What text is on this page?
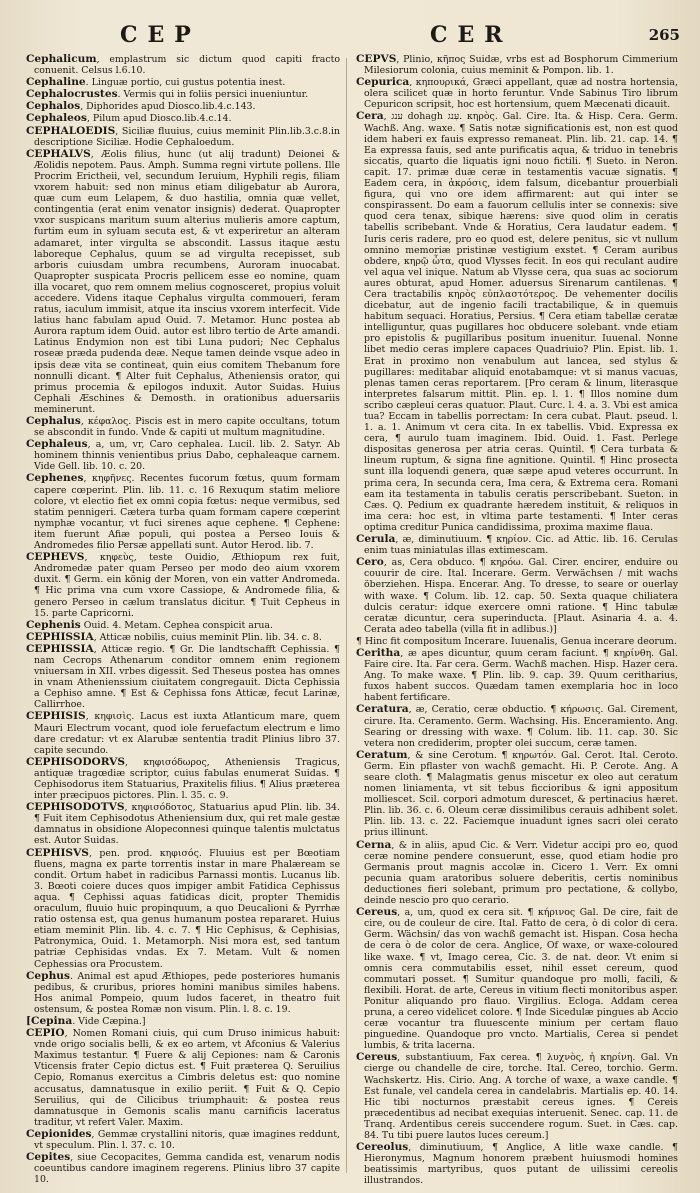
CEP	CER	265

Cephalicum, emplastrum sic dictum quod capiti fracto conuenit. Celsus l.6.10.

Cephaline. Linguæ portio, cui gustus potentia inest.

Cephalocrustes. Vermis qui in foliis persici inueniuntur.

Cephalos, Diphorides apud Diosco.lib.4.c.143.

Cephaleos, Pilum apud Diosco.lib.4.c.14.

CEPHALOEDIS, Siciliæ fluuius, cuius meminit Plin.lib.3.c.8.in descriptione Siciliæ. Hodie Cephaloedum.

CEPHALVS, Æolis filius, hunc (ut alij tradunt) Deionei & Æolidis nepotem. Paus. Amph. Summa regni virtute pollens. Ille Procrim Erictheii, vel, secundum Ieruium, Hyphili regis, filiam vxorem habuit: sed non minus etiam diligebatur ab Aurora, quæ cum eum Lelapem, & duo hastilia, omnia quæ vellet, contingentia (erat enim venator insignis) dederat. Quapropter vxor suspicans maritum suum alterius mulieris amore captum, furtim eum in syluam secuta est, & vt experiretur an alteram adamaret, inter virgulta se abscondit. Lassus itaque æstu laboreque Cephalus, quum se ad virgulta recepisset, sub arboris cuiusdam umbra recumbens, Auroram inuocabat. Quapropter suspicata Procris pellicem esse eo nomine, quam illa vocaret, quo rem omnem melius cognosceret, propius voluit accedere. Videns itaque Cephalus virgulta commoueri, feram ratus, iaculum immisit, atque ita inscius vxorem interfecit. Vide latius hanc fabulam apud Ouid. 7. Metamor. Hunc postea ab Aurora raptum idem Ouid. autor est libro tertio de Arte amandi. Latinus Endymion non est tibi Luna pudori; Nec Cephalus roseæ præda pudenda deæ. Neque tamen deinde vsque adeo in ipsis deæ vita se contineat, quin eius comitem Thebanum fore nonnulli dicant. ¶ Alter fuit Cephalus, Atheniensis orator, qui primus procemia & epilogos induxit. Autor Suidas. Huius Cephali Æschines & Demosth. in orationibus aduersariis meminerunt.

Cephalus, κέφαλος. Piscis est in mero capite occultans, totum se abscondit in fundo. Vnde & capiti ut multum magnitudine.

Cephaleus, a, um, vr, Caro cephalea. Lucil. lib. 2. Satyr. Ab hominem thinnis venientibus prius Dabo, cephaleaque carnem. Vide Gell. lib. 10. c. 20.

Cephenes, κηφῆνες. Recentes fucorum fœtus, quum formam capere cœperint. Plin. lib. 11. c. 16 Rexuqum statim meliore colore, vt electio fiet ex omni copia fœtus: neque vermibus, sed statim pennigeri. Cætera turba quam formam capere cœperint nymphæ vocantur, vt fuci sirenes aque cephene. ¶ Cephene: item fuerunt Afiæ populi, qui postea a Perseo Iouis & Andromedes filio Persæ appellati sunt. Autor Herod. lib. 7.

CEPHEVS, κηφεὺς, teste Ouidio, Æthiopum rex fuit, Andromedæ pater quam Perseo per modo deo aium vxorem duxit. ¶ Germ. ein könig der Moren, von ein vatter Andromeda. ¶ Hic prima vna cum vxore Cassiope, & Andromede filia, & genero Perseo in cælum translatus dicitur. ¶ Tuit Cepheus in 15. parte Capricorni.

Cephenis Ouid. 4. Metam. Cephea conspicit arua.

CEPHISSIA, Atticæ nobilis, cuius meminit Plin. lib. 34. c. 8.

CEPHISSIA, Atticæ regio. ¶ Gr. Die landtschafft Cephissia. ¶ nam Cecrops Athenarum conditor omnem enim regionem vniuersam in XII. vrbes digessit. Sed Theseus postea has omnes in vnam Athenienssium ciuitatem congregauit. Dicta Cephissia a Cephiso amne. ¶ Est & Cephissa fons Atticæ, fecut Larinæ, Callirrhoe.

CEPHISIS, κηφισὶς. Lacus est iuxta Atlanticum mare, quem Mauri Electrum vocant, quod iole feruefactum electrum e limo dare credatur: vt ex Alarubæ sententia tradit Plinius libro 37. capite secundo.

CEPHISODORVS, κηφισόδωρος, Atheniensis Tragicus, antiquæ tragœdiæ scriptor, cuius fabulas enumerat Suidas. ¶ Cephisodorus item Statuarius, Praxitelis filius. ¶ Alius præterea inter præcipuos pictores. Plin. l. 35. c. 9.

CEPHISODOTVS, κηφισόδοτος, Statuarius apud Plin. lib. 34. ¶ Fuit item Cephisodotus Atheniensium dux, qui ret male gestæ damnatus in obsidione Alopeconnesi quinque talentis mulctatus est. Autor Suidas.

CEPHISVS, pen. prod. κηφισός. Fluuius est per Bœotiam fluens, magna ex parte torrentis instar in mare Phalæream se condit. Ortum habet in radicibus Parnassi montis. Lucanus lib. 3. Bœoti coiere duces quos impiger ambit Fatidica Cephissus aqua. ¶ Cephissi aquas fatidicas dicit, propter Themidis oraculum, fluuio huic propinquum, a quo Deucalioni & Pyrrhæ ratio ostensa est, qua genus humanum postea repararet. Huius etiam meminit Plin. lib. 4. c. 7. ¶ Hic Cephisus, & Cephisias, Patronymica, Ouid. 1. Metamorph. Nisi mora est, sed tantum patriæ Cephisidas vndas. Ex 7. Metam. Vult & nomen Cephessias ora Procustem.

Cephus. Animal est apud Æthiopes, pede posteriores humanis pedibus, & cruribus, priores homini manibus similes habens. Hos animal Pompeio, quum ludos faceret, in theatro fuit ostensum, & postea Romæ non visum. Plin. l. 8. c. 19.

[Cepina. Vide Cæpina.]

CEPIO, Nomen Romani ciuis, qui cum Druso inimicus habuit: vnde origo socialis belli, & ex eo artem, vt Afconius & Valerius Maximus testantur. ¶ Fuere & alij Cepiones: nam & Caronis Vticensis frater Cepio dictus est. ¶ Fuit præterea Q. Seruilius Cepio, Romanus exercitus a Cimbris deletus est: quo nomine accusatus, damnatusque in exilio periit. ¶ Fuit & Q. Cepio Seruilius, qui de Cilicibus triumphauit: & postea reus damnatusque in Gemonis scalis manu carnificis laceratus traditur, vt refert Valer. Maxim.

Cepionides, Gemmæ crystallini nitoris, quæ imagines reddunt, vt speculum. Plin. l. 37. c. 10.

Cepites, siue Cecopacites, Gemma candida est, venarum nodis coeuntibus candore imaginem regerens. Plinius libro 37 capite 10.

CEPVS, Plinio, κῆπος Suidæ, vrbs est ad Bosphorum Cimmerium Milesiorum colonia, cuius meminit & Pompon. lib. 1.

Cepurica, κηπουρικά, Græci appellant, quæ ad nostra hortensia, olera scilicet quæ in horto feruntur. Vnde Sabinus Tiro librum Cepuricon scripsit, hoc est hortensium, quem Mæcenati dicauit.

Cera, ענג dohagh עּֽנג. κηρὸς. Gal. Cire. Ita. & Hisp. Cera. Germ. Wachß. Ang. waxe. ¶ Satis notæ significationis est, non est quod idem haberi ex fauis expresso remaneat. Plin. lib. 21. cap. 14. ¶ Ea expressa fauis, sed ante purificatis aqua, & triduo in tenebris siccatis, quarto die liquatis igni nouo fictili. ¶ Sueto. in Neron. capit. 17. primæ duæ ceræ in testamentis vacuæ signatis. ¶ Eadem cera, in ἀκρόσις, idem falsum, dicebantur prouerbiali figura, qui vno ore idem affirmarent: aut qui inter se conspirassent. Do eam a fauorum cellulis inter se connexis: sive quod cera tenax, sibique hærens: sive quod olim in ceratis tabellis scribebant. Vnde & Horatius, Cera laudatur eadem. ¶ Iuris ceris radere, pro eo quod est, delere penitus, sic vt nullum omnino memoriæ pristinæ vestigium exstet. ¶ Ceram auribus obdere, κηρῷ ὦτα, quod Vlysses fecit. In eos qui reculant audire vel aqua vel inique. Natum ab Vlysse cera, qua suas ac sociorum aures obturat, apud Homer. aduersus Sirenarum cantilenas. ¶ Cera tractabilis κηρὸς εὐπλαστότερος. De vehementer docilis dicebatur, aut de ingenio facili tractabilique, & in quemuis habitum sequaci. Horatius, Persius. ¶ Cera etiam tabellæ ceratæ intelliguntur, quas pugillares hoc obducere solebant. vnde etiam pro epistolis & pugillaribus positum inuenitur. Iuuenal. Nonne libet medio ceras implere capaces Quadriuio? Plin. Epist. lib. 1. Erat in proximo non venabulum aut lancea, sed stylus & pugillares: meditabar aliquid enotabamque: vt si manus vacuas, plenas tamen ceras reportarem. [Pro ceram & linum, literasque interpretes falsarum mittit. Plin. ep. l. 1. ¶ Illos nomine dum scribo cæpleui ceras quatuor. Plaut. Curc. l. 4. a. 3. Vbi est amica tua? Eccam in tabellis porrectam: In cera cubat. Plaut. pseud. l. 1. a. 1. Animum vt cera cita. In ex tabellis. Vbid. Expressa ex cera, ¶ aurulo tuam imaginem. Ibid. Ouid. 1. Fast. Perlege dispositas generosa per atria ceras. Quintil. ¶ Cera turbata & lineum ruptum, & signa fine agnitione. Quintil. ¶ Hinc prosecta sunt illa loquendi genera, quæ sæpe apud veteres occurrunt. In prima cera, In secunda cera, Ima cera, & Extrema cera. Romani eam ita testamenta in tabulis ceratis perscribebant. Sueton. in Cæs. Q. Pedium ex quadrante hæredem instituit, & reliquos in ima cera: hoc est, in vltima parte testamenti. ¶ Inter ceras optima creditur Punica candidissima, proxima maxime flaua.

Cerula, æ, diminutiuum. ¶ κηρίον. Cic. ad Attic. lib. 16. Cerulas enim tuas miniatulas illas extimescam.

Cero, as, Cera obduco. ¶ κηρόω. Gal. Cirer. encirer, enduire ou couurir de cire. Ital. Incerare. Germ. Verwächsen / mit wachs öberziehen. Hispa. Encerar. Ang. To dresse, to seare or ouerlay with waxe. ¶ Colum. lib. 12. cap. 50. Sexta quaque chiliatera dulcis ceratur: idque exercere omni ratione. ¶ Hinc tabulæ ceratæ dicuntur, cera superinducta. [Plaut. Asinaria 4. a. 4. Cerata adeo tabella (villa fit in adlibus.)]

¶ Hinc fit compositum Incerare. Iuuenalis, Genua incerare deorum.

Ceritha, æ apes dicuntur, quum ceram faciunt. ¶ κηρίνθη. Gal. Faire cire. Ita. Far cera. Germ. Wachß machen. Hisp. Hazer cera. Ang. To make waxe. ¶ Plin. lib. 9. cap. 39. Quum ceritharius, fuxos habent succos. Quædam tamen exemplaria hoc in loco habent fertificare.

Ceratura, æ, Ceratio, ceræ obductio. ¶ κήρωσις. Gal. Cirement, cirure. Ita. Ceramento. Germ. Wachsing. His. Enceramiento. Ang. Searing or dressing with waxe. ¶ Colum. lib. 11. cap. 30. Sic vetera non crediderim, propter olei succum, ceræ tamen.

Ceratum, & sine Cerotum. ¶ κηρωτόν. Gal. Cerot. Ital. Ceroto. Germ. Ein pflaster von wachß gemacht. Hi. P. Cerote. Ang. A seare cloth. ¶ Malagmatis genus miscetur ex oleo aut ceratum nomen liniamenta, vt sit tebus ficcioribus & igni appositum molliescet. Scil. corpori admotum durescet, & pertinacius hæret. Plin. lib. 36. c. 6. Oleum ceræ dissimilibus cerauis adhibent solet. Plin. lib. 13. c. 22. Faciemque inuadunt ignes sacri olei cerato prius illinunt.

Cerna, & in aliis, apud Cic. & Verr. Videtur accipi pro eo, quod ceræ nomine pendere consuerunt, esse, quod etiam hodie pro Germanis prout magnis accolæ in. Cicero 1. Verr. Ex omni pecunia quam aratoribus soluere deberitis, certis nominibus deductiones fieri solebant, primum pro pectatione, & collybo, deinde nescio pro quo cerario.

Cereus, a, um, quod ex cera sit. ¶ κήρινος Gal. De cire, fait de cire, ou de couleur de cire. Ital. Fatto de cera, ò di color di cera. Germ. Wächsin/ das von wachß gemacht ist. Hispan. Cosa hecha de cera ò de color de cera. Anglice, Of waxe, or waxe-coloured like waxe. ¶ vt, Imago cerea, Cic. 3. de nat. deor. Vt enim si omnis cera commutabilis esset, nihil esset cereum, quod commutari posset. ¶ Sumitur quandoque pro molli, facili, & flexibili. Horat. de arte, Cereus in vitium flecti monitoribus asper. Ponitur aliquando pro flauo. Virgilius. Ecloga. Addam cerea pruna, a cereo videlicet colore. ¶ Inde Sicedulæ pingues ab Accio ceræ vocantur tra fluuescente minium per certam flauo pinguedine. Quandoque pro vncto. Martialis, Cerea si pendet lumbis, & trita lacerna.

Cereus, substantiuum, Fax cerea. ¶ λυχνὸς, ἡ κηρίνη. Gal. Vn cierge ou chandelle de cire, torche. Ital. Cereo, torchio. Germ. Wachskertz. His. Cirio. Ang. A torche of waxe, a waxe candle. ¶ Est funale, vel candela cerea in candelabris. Martialis ep. 40. 14. Hic tibi nocturnos præstabit cereus ignes. ¶ Cereis præcedentibus ad necibat exequias interuenit. Senec. cap. 11. de Tranq. Ardentibus cereis succendere rogum. Suet. in Cæs. cap. 84. Tu tibi puere lautos luces cereum.]

Cereolus, diminutiuum, ¶ Anglice, A litle waxe candle. ¶ Hieronymus, Magnum honorem præbent huiusmodi homines beatissimis martyribus, quos putant de uilissimi cereolis illustrandos.
